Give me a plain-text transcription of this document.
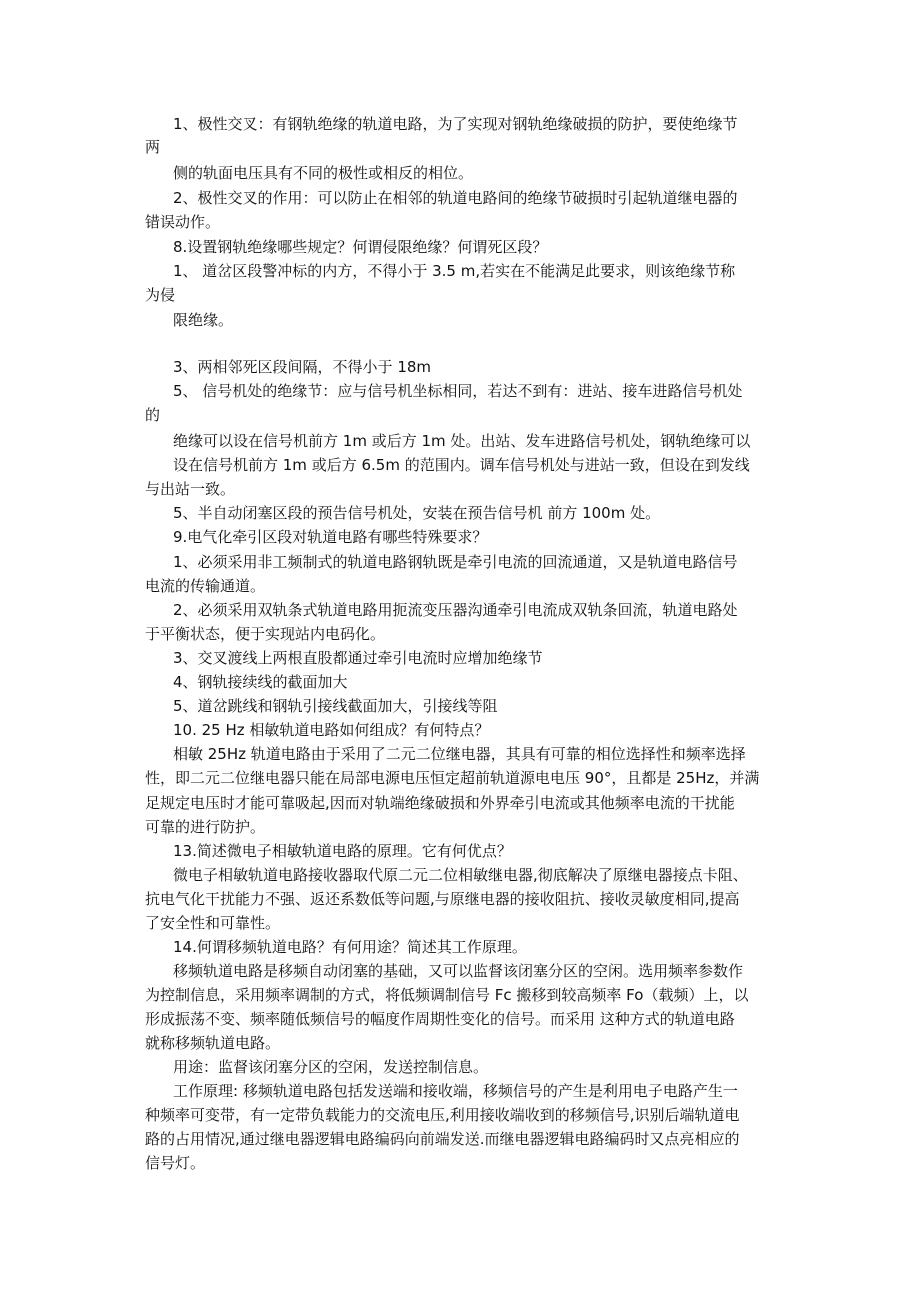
1、极性交叉：有钢轨绝缘的轨道电路，为了实现对钢轨绝缘破损的防护，要使绝缘节
两
侧的轨面电压具有不同的极性或相反的相位。
2、极性交叉的作用：可以防止在相邻的轨道电路间的绝缘节破损时引起轨道继电器的
错误动作。
8.设置钢轨绝缘哪些规定？何谓侵限绝缘？何谓死区段？
1、 道岔区段警冲标的内方，不得小于 3.5 m,若实在不能满足此要求，则该绝缘节称
为侵
限绝缘。
3、两相邻死区段间隔，不得小于 18m
5、 信号机处的绝缘节：应与信号机坐标相同，若达不到有：进站、接车进路信号机处
的
绝缘可以设在信号机前方 1m 或后方 1m 处。出站、发车进路信号机处，钢轨绝缘可以
设在信号机前方 1m 或后方 6.5m 的范围内。调车信号机处与进站一致，但设在到发线
与出站一致。
5、半自动闭塞区段的预告信号机处，安装在预告信号机 前方 100m 处。
9.电气化牵引区段对轨道电路有哪些特殊要求？
1、必须采用非工频制式的轨道电路钢轨既是牵引电流的回流通道，又是轨道电路信号
电流的传输通道。
2、必须采用双轨条式轨道电路用扼流变压器沟通牵引电流成双轨条回流，轨道电路处
于平衡状态，便于实现站内电码化。
3、交叉渡线上两根直股都通过牵引电流时应增加绝缘节
4、钢轨接续线的截面加大
5、道岔跳线和钢轨引接线截面加大，引接线等阻
10. 25 Hz 相敏轨道电路如何组成？有何特点？
相敏 25Hz 轨道电路由于采用了二元二位继电器，其具有可靠的相位选择性和频率选择
性，即二元二位继电器只能在局部电源电压恒定超前轨道源电电压 90°，且都是 25Hz，并满
足规定电压时才能可靠吸起,因而对轨端绝缘破损和外界牵引电流或其他频率电流的干扰能
可靠的进行防护。
13.简述微电子相敏轨道电路的原理。它有何优点？
微电子相敏轨道电路接收器取代原二元二位相敏继电器,彻底解决了原继电器接点卡阻、
抗电气化干扰能力不强、返还系数低等问题,与原继电器的接收阻抗、接收灵敏度相同,提高
了安全性和可靠性。
14.何谓移频轨道电路？有何用途？简述其工作原理。
移频轨道电路是移频自动闭塞的基础，又可以监督该闭塞分区的空闲。选用频率参数作
为控制信息，采用频率调制的方式，将低频调制信号 Fc 搬移到较高频率 Fo（载频）上，以
形成振荡不变、频率随低频信号的幅度作周期性变化的信号。而采用 这种方式的轨道电路
就称移频轨道电路。
用途：监督该闭塞分区的空闲，发送控制信息。
工作原理: 移频轨道电路包括发送端和接收端，移频信号的产生是利用电子电路产生一
种频率可变带，有一定带负载能力的交流电压,利用接收端收到的移频信号,识别后端轨道电
路的占用情况,通过继电器逻辑电路编码向前端发送.而继电器逻辑电路编码时又点亮相应的
信号灯。
